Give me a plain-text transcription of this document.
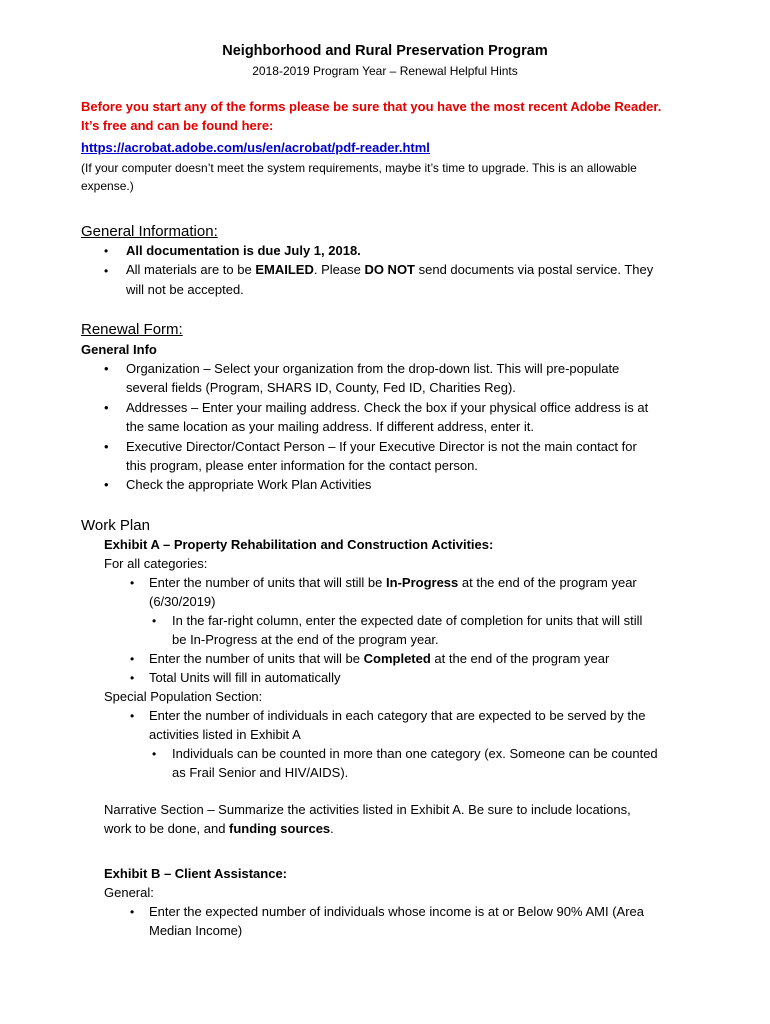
Neighborhood and Rural Preservation Program
2018-2019 Program Year – Renewal Helpful Hints
Before you start any of the forms please be sure that you have the most recent Adobe Reader.
It’s free and can be found here:
https://acrobat.adobe.com/us/en/acrobat/pdf-reader.html
(If your computer doesn’t meet the system requirements, maybe it’s time to upgrade. This is an allowable
expense.)
General Information:
• All documentation is due July 1, 2018.
• All materials are to be EMAILED. Please DO NOT send documents via postal service. They
will not be accepted.
Renewal Form:
General Info
• Organization – Select your organization from the drop-down list. This will pre-populate
several fields (Program, SHARS ID, County, Fed ID, Charities Reg).
• Addresses – Enter your mailing address. Check the box if your physical office address is at
the same location as your mailing address. If different address, enter it.
• Executive Director/Contact Person – If your Executive Director is not the main contact for
this program, please enter information for the contact person.
• Check the appropriate Work Plan Activities
Work Plan
Exhibit A – Property Rehabilitation and Construction Activities:
For all categories:
• Enter the number of units that will still be In-Progress at the end of the program year
(6/30/2019)
• In the far-right column, enter the expected date of completion for units that will still
be In-Progress at the end of the program year.
• Enter the number of units that will be Completed at the end of the program year
• Total Units will fill in automatically
Special Population Section:
• Enter the number of individuals in each category that are expected to be served by the
activities listed in Exhibit A
• Individuals can be counted in more than one category (ex. Someone can be counted
as Frail Senior and HIV/AIDS).
Narrative Section – Summarize the activities listed in Exhibit A. Be sure to include locations,
work to be done, and funding sources.
Exhibit B – Client Assistance:
General:
• Enter the expected number of individuals whose income is at or Below 90% AMI (Area
Median Income)
